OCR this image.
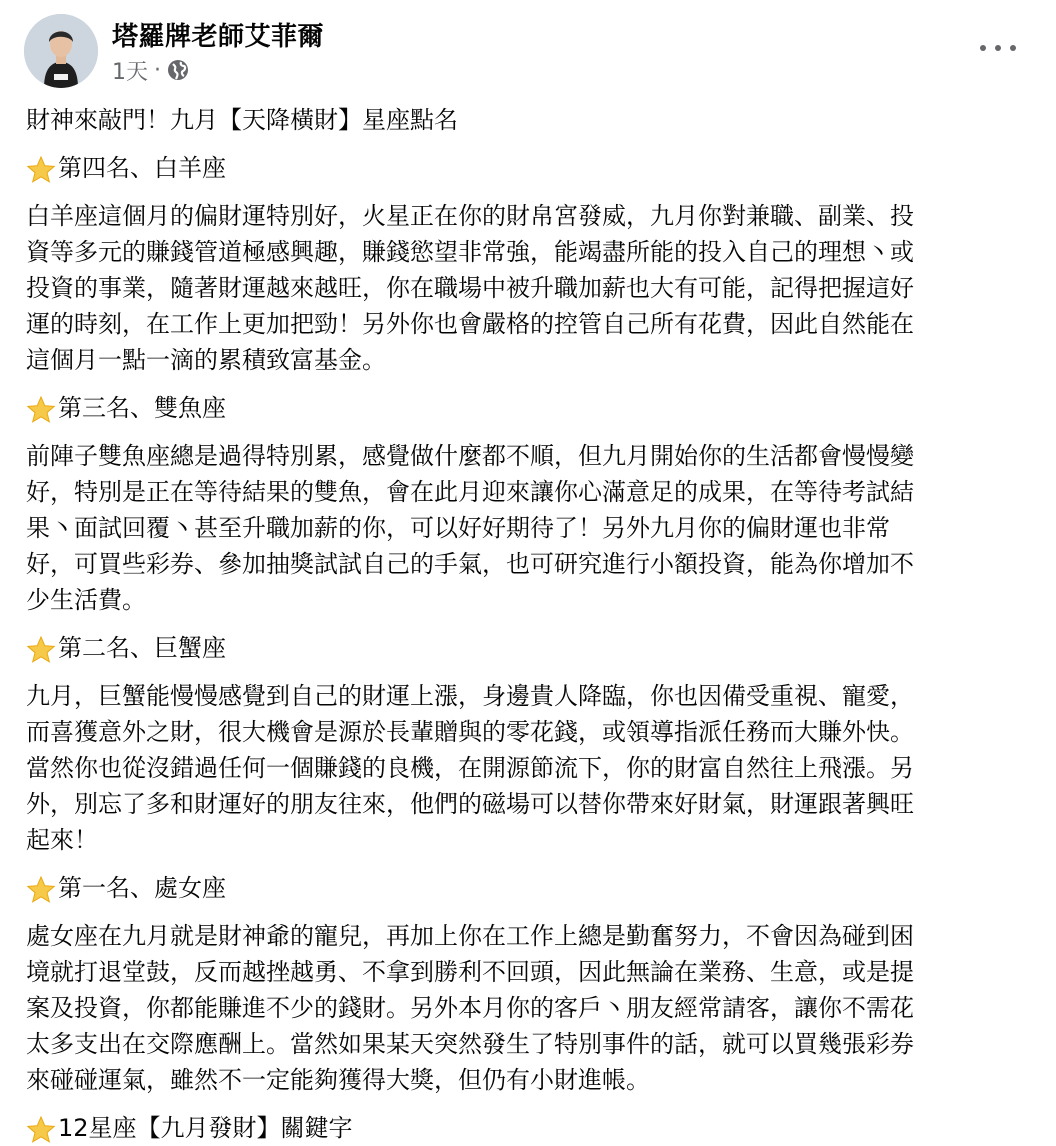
塔羅牌老師艾菲爾
1天 ·
財神來敲門！九月【天降橫財】星座點名
第四名、白羊座
白羊座這個月的偏財運特別好，火星正在你的財帛宮發威，九月你對兼職、副業、投
資等多元的賺錢管道極感興趣，賺錢慾望非常強，能竭盡所能的投入自己的理想丶或
投資的事業，隨著財運越來越旺，你在職場中被升職加薪也大有可能，記得把握這好
運的時刻，在工作上更加把勁！另外你也會嚴格的控管自己所有花費，因此自然能在
這個月一點一滴的累積致富基金。
第三名、雙魚座
前陣子雙魚座總是過得特別累，感覺做什麼都不順，但九月開始你的生活都會慢慢變
好，特別是正在等待結果的雙魚，會在此月迎來讓你心滿意足的成果，在等待考試結
果丶面試回覆丶甚至升職加薪的你，可以好好期待了！另外九月你的偏財運也非常
好，可買些彩券、參加抽獎試試自己的手氣，也可研究進行小額投資，能為你增加不
少生活費。
第二名、巨蟹座
九月，巨蟹能慢慢感覺到自己的財運上漲，身邊貴人降臨，你也因備受重視、寵愛，
而喜獲意外之財，很大機會是源於長輩贈與的零花錢，或領導指派任務而大賺外快。
當然你也從沒錯過任何一個賺錢的良機，在開源節流下，你的財富自然往上飛漲。另
外，別忘了多和財運好的朋友往來，他們的磁場可以替你帶來好財氣，財運跟著興旺
起來！
第一名、處女座
處女座在九月就是財神爺的寵兒，再加上你在工作上總是勤奮努力，不會因為碰到困
境就打退堂鼓，反而越挫越勇、不拿到勝利不回頭，因此無論在業務、生意，或是提
案及投資，你都能賺進不少的錢財。另外本月你的客戶丶朋友經常請客，讓你不需花
太多支出在交際應酬上。當然如果某天突然發生了特別事件的話，就可以買幾張彩券
來碰碰運氣，雖然不一定能夠獲得大獎，但仍有小財進帳。
12星座【九月發財】關鍵字
